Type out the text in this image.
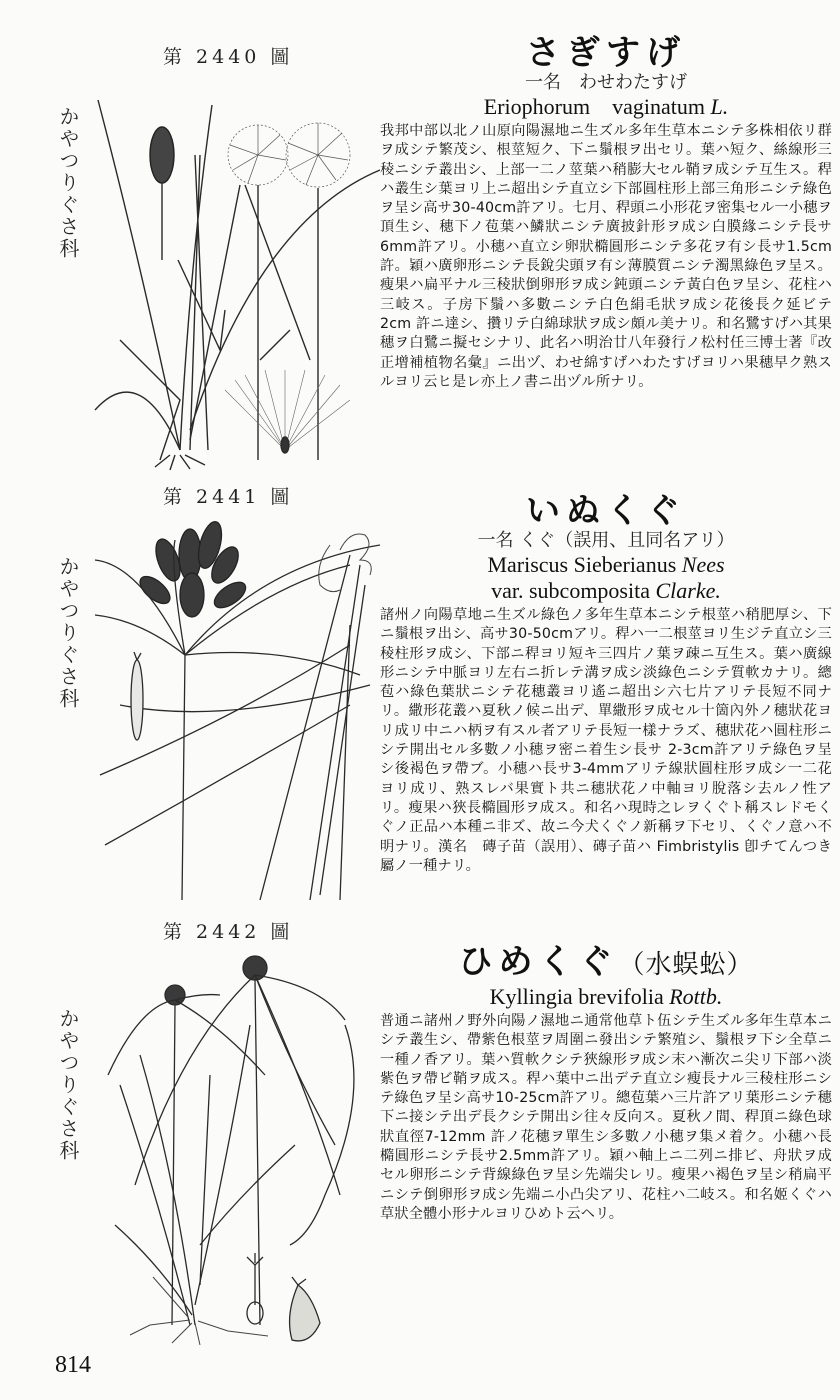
第 2440 圖
かやつりぐさ科
さぎすげ
一名　わせわたすげ
Eriophorum　vaginatum L.
我邦中部以北ノ山原向陽濕地ニ生ズル多年生草本ニシテ多株相依リ群ヲ成シテ繁茂シ、根莖短ク、下ニ鬚根ヲ出セリ。葉ハ短ク、絲線形三稜ニシテ叢出シ、上部一二ノ莖葉ハ稍膨大セル鞘ヲ成シテ互生ス。稈ハ叢生シ葉ヨリ上ニ超出シテ直立シ下部圓柱形上部三角形ニシテ綠色ヲ呈シ高サ30-40cm許アリ。七月、稈頭ニ小形花ヲ密集セル一小穗ヲ頂生シ、穗下ノ苞葉ハ鱗狀ニシテ廣披針形ヲ成シ白膜緣ニシテ長サ6mm許アリ。小穗ハ直立シ卵狀橢圓形ニシテ多花ヲ有シ長サ1.5cm許。穎ハ廣卵形ニシテ長銳尖頭ヲ有シ薄膜質ニシテ濁黑綠色ヲ呈ス。瘦果ハ扁平ナル三稜狀倒卵形ヲ成シ鈍頭ニシテ黃白色ヲ呈シ、花柱ハ三岐ス。子房下鬚ハ多數ニシテ白色絹毛狀ヲ成シ花後長ク延ビテ 2cm 許ニ達シ、攢リテ白綿球狀ヲ成シ頗ル美ナリ。和名鷺すげハ其果穗ヲ白鷺ニ擬セシナリ、此名ハ明治廿八年發行ノ松村任三博士著『改正增補植物名彙』ニ出ヅ、わせ綿すげハわたすげヨリハ果穗早ク熟スルヨリ云ヒ是レ亦上ノ書ニ出ヅル所ナリ。
第 2441 圖
かやつりぐさ科
いぬくぐ
一名 くぐ（誤用、且同名アリ）
Mariscus Sieberianus Nees
var. subcomposita Clarke.
諸州ノ向陽草地ニ生ズル綠色ノ多年生草本ニシテ根莖ハ稍肥厚シ、下ニ鬚根ヲ出シ、高サ30-50cmアリ。稈ハ一二根莖ヨリ生ジテ直立シ三稜柱形ヲ成シ、下部ニ稈ヨリ短キ三四片ノ葉ヲ疎ニ互生ス。葉ハ廣線形ニシテ中脈ヨリ左右ニ折レテ溝ヲ成シ淡綠色ニシテ質軟カナリ。總苞ハ綠色葉狀ニシテ花穗叢ヨリ遙ニ超出シ六七片アリテ長短不同ナリ。繖形花叢ハ夏秋ノ候ニ出デ、單繖形ヲ成セル十箇內外ノ穗狀花ヨリ成リ中ニハ柄ヲ有スル者アリテ長短一樣ナラズ、穗狀花ハ圓柱形ニシテ開出セル多數ノ小穗ヲ密ニ着生シ長サ 2-3cm許アリテ綠色ヲ呈シ後褐色ヲ帶ブ。小穗ハ長サ3-4mmアリテ線狀圓柱形ヲ成シ一二花ヨリ成リ、熟スレバ果實ト共ニ穗狀花ノ中軸ヨリ脫落シ去ルノ性アリ。瘦果ハ狹長橢圓形ヲ成ス。和名ハ現時之レヲくぐト稱スレドモくぐノ正品ハ本種ニ非ズ、故ニ今犬くぐノ新稱ヲ下セリ、くぐノ意ハ不明ナリ。漢名　磚子苗（誤用）、磚子苗ハ Fimbristylis 卽チてんつき屬ノ一種ナリ。
第 2442 圖
かやつりぐさ科
ひめくぐ（水蜈蚣）
Kyllingia brevifolia Rottb.
普通ニ諸州ノ野外向陽ノ濕地ニ通常他草ト伍シテ生ズル多年生草本ニシテ叢生シ、帶紫色根莖ヲ周圍ニ發出シテ繁殖シ、鬚根ヲ下シ全草ニ一種ノ香アリ。葉ハ質軟クシテ狹線形ヲ成シ末ハ漸次ニ尖リ下部ハ淡紫色ヲ帶ビ鞘ヲ成ス。稈ハ葉中ニ出デテ直立シ瘦長ナル三稜柱形ニシテ綠色ヲ呈シ高サ10-25cm許アリ。總苞葉ハ三片許アリ葉形ニシテ穗下ニ接シテ出デ長クシテ開出シ往々反向ス。夏秋ノ間、稈頂ニ綠色球狀直徑7-12mm 許ノ花穗ヲ單生シ多數ノ小穗ヲ集メ着ク。小穗ハ長橢圓形ニシテ長サ2.5mm許アリ。穎ハ軸上ニ二列ニ排ビ、舟狀ヲ成セル卵形ニシテ背線綠色ヲ呈シ先端尖レリ。瘦果ハ褐色ヲ呈シ稍扁平ニシテ倒卵形ヲ成シ先端ニ小凸尖アリ、花柱ハ二岐ス。和名姬くぐハ草狀全體小形ナルヨリひめト云ヘリ。
814
